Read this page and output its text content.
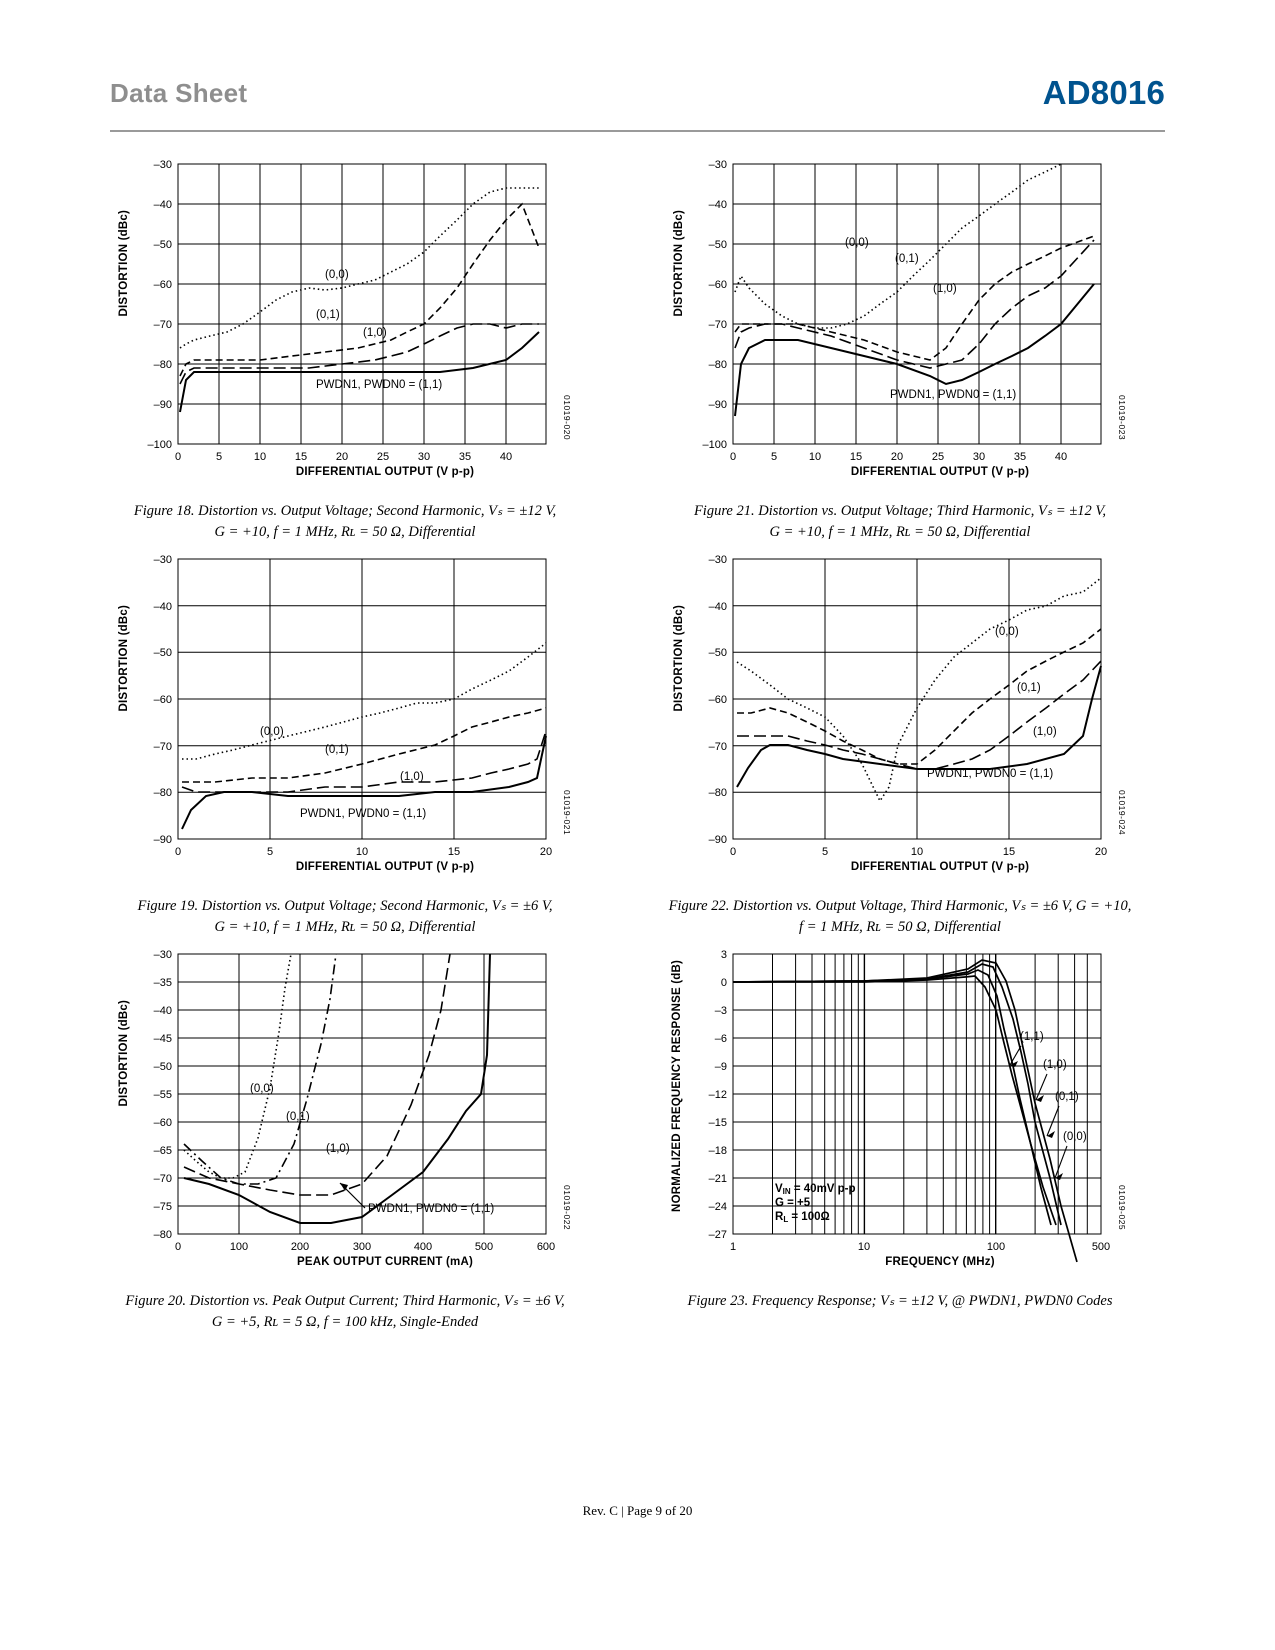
Data Sheet	AD8016
–30
–40
–50
–60
–70
–80
–90
–100
0	5	10	15	20	25	30	35	40
(0,0)
(0,1)
(1,0)
PWDN1, PWDN0 = (1,1)
DISTORTION (dBc)
DIFFERENTIAL OUTPUT (V p-p)
01019-020
Figure 18. Distortion vs. Output Voltage; Second Harmonic, Vₛ = ±12 V,
G = +10, f = 1 MHz, Rʟ = 50 Ω, Differential
–30
–40
–50
–60
–70
–80
–90
–100
0	5	10	15	20	25	30	35	40
(0,0)
(0,1)
(1,0)
PWDN1, PWDN0 = (1,1)
DISTORTION (dBc)
DIFFERENTIAL OUTPUT (V p-p)
01019-023
Figure 21. Distortion vs. Output Voltage; Third Harmonic, Vₛ = ±12 V,
G = +10, f = 1 MHz, Rʟ = 50 Ω, Differential
–30
–40
–50
–60
–70
–80
–90
0	5	10	15	20
(0,0)
(0,1)
(1,0)
PWDN1, PWDN0 = (1,1)
DISTORTION (dBc)
DIFFERENTIAL OUTPUT (V p-p)
01019-021
Figure 19. Distortion vs. Output Voltage; Second Harmonic, Vₛ = ±6 V,
G = +10, f = 1 MHz, Rʟ = 50 Ω, Differential
–30
–40
–50
–60
–70
–80
–90
0	5	10	15	20
(0,0)
(0,1)
(1,0)
PWDN1, PWDN0 = (1,1)
DISTORTION (dBc)
DIFFERENTIAL OUTPUT (V p-p)
01019-024
Figure 22. Distortion vs. Output Voltage, Third Harmonic, Vₛ = ±6 V, G = +10,
f = 1 MHz, Rʟ = 50 Ω, Differential
–30
–35
–40
–45
–50
–55
–60
–65
–70
–75
–80
0	100	200	300	400	500	600
(0,0)
(0,1)
(1,0)
PWDN1, PWDN0 = (1,1)
DISTORTION (dBc)
PEAK OUTPUT CURRENT (mA)
01019-022
Figure 20. Distortion vs. Peak Output Current; Third Harmonic, Vₛ = ±6 V,
G = +5, Rʟ = 5 Ω, f = 100 kHz, Single-Ended
3
0
–3
–6
–9
–12
–15
–18
–21
–24
–27
1	10	100	500
(1,1)
(1,0)
(0,1)
(0,0)
VIN = 40mV p-p
G = +5
RL = 100Ω
NORMALIZED FREQUENCY RESPONSE (dB)
FREQUENCY (MHz)
01019-025
Figure 23. Frequency Response; Vₛ = ±12 V, @ PWDN1, PWDN0 Codes
Rev. C | Page 9 of 20
